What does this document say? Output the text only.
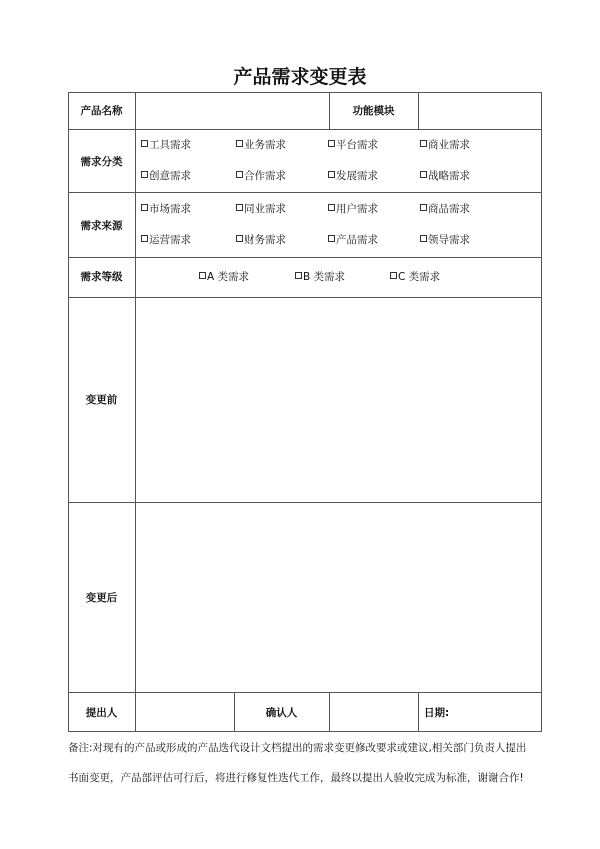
产品需求变更表
产品名称	功能模块
需求分类
工具需求	业务需求	平台需求	商业需求
创意需求	合作需求	发展需求	战略需求
需求来源
市场需求	同业需求	用户需求	商品需求
运营需求	财务需求	产品需求	领导需求
需求等级	A 类需求	B 类需求	C 类需求
变更前
变更后
提出人	确认人	日期:
备注:对现有的产品或形成的产品迭代设计文档提出的需求变更修改要求或建议,相关部门负责人提出
书面变更，产品部评估可行后，将进行修复性迭代工作，最终以提出人验收完成为标准，谢谢合作!
